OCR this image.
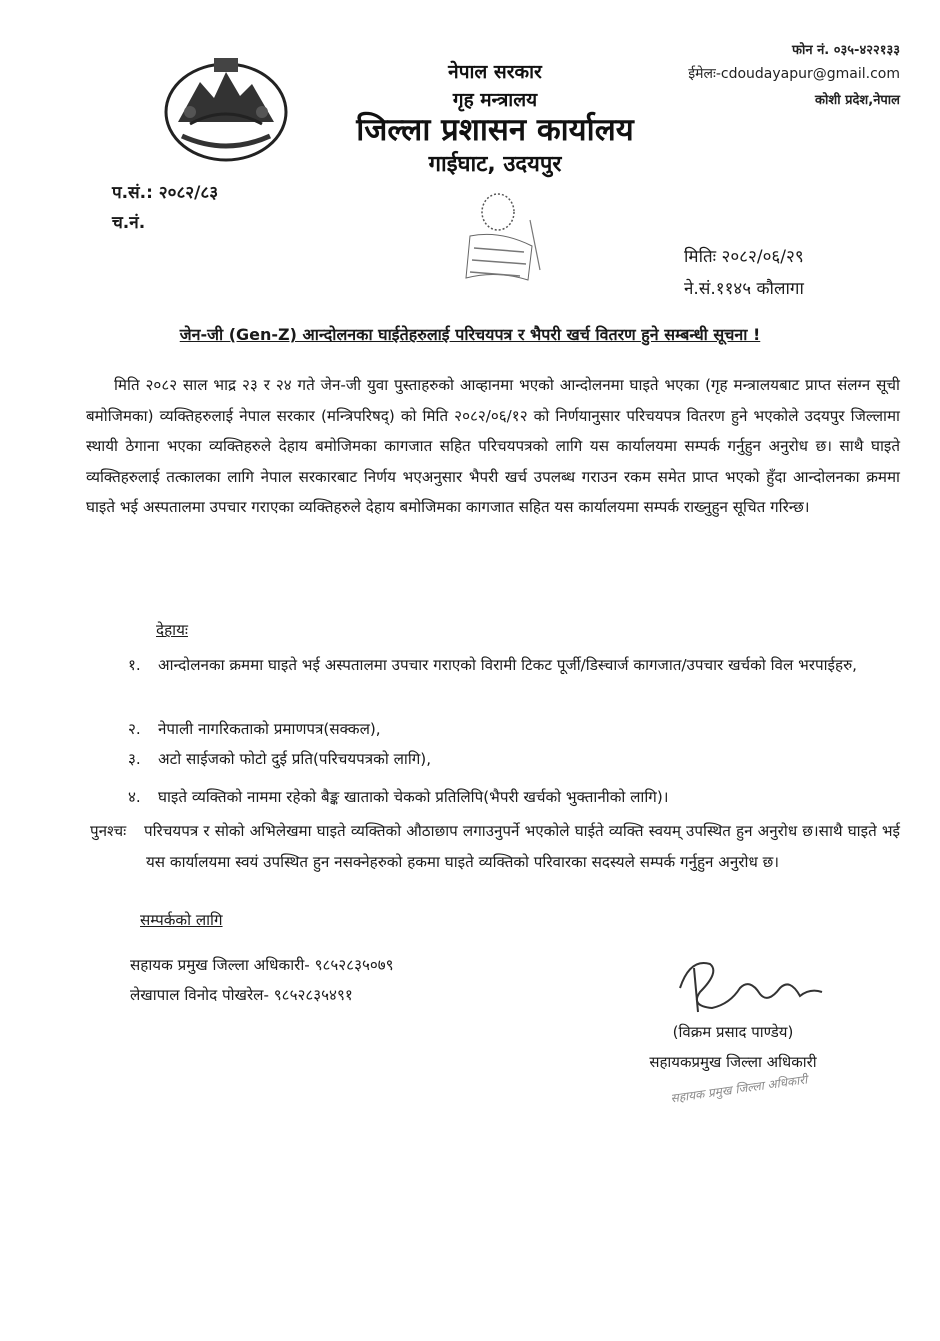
नेपाल सरकार
गृह मन्त्रालय
जिल्ला प्रशासन कार्यालय
गाईघाट, उदयपुर
फोन नं. ०३५-४२२१३३
ईमेलः-cdoudayapur@gmail.com
कोशी प्रदेश,नेपाल
प.सं.: २०८२/८३
च.नं.
मितिः २०८२/०६/२९
ने.सं.११४५ कौलागा
जेन-जी (Gen-Z) आन्दोलनका घाईतेहरुलाई परिचयपत्र र भैपरी खर्च वितरण हुने सम्बन्धी सूचना !
मिति २०८२ साल भाद्र २३ र २४ गते जेन-जी युवा पुस्ताहरुको आव्हानमा भएको आन्दोलनमा घाइते भएका (गृह मन्त्रालयबाट प्राप्त संलग्न सूची बमोजिमका) व्यक्तिहरुलाई नेपाल सरकार (मन्त्रिपरिषद्) को मिति २०८२/०६/१२ को निर्णयानुसार परिचयपत्र वितरण हुने भएकोले उदयपुर जिल्लामा स्थायी ठेगाना भएका व्यक्तिहरुले देहाय बमोजिमका कागजात सहित परिचयपत्रको लागि यस कार्यालयमा सम्पर्क गर्नुहुन अनुरोध छ। साथै घाइते व्यक्तिहरुलाई तत्कालका लागि नेपाल सरकारबाट निर्णय भएअनुसार भैपरी खर्च उपलब्ध गराउन रकम समेत प्राप्त भएको हुँदा आन्दोलनका क्रममा घाइते भई अस्पतालमा उपचार गराएका व्यक्तिहरुले देहाय बमोजिमका कागजात सहित यस कार्यालयमा सम्पर्क राख्नुहुन सूचित गरिन्छ।
देहायः
१.	आन्दोलनका क्रममा घाइते भई अस्पतालमा उपचार गराएको विरामी टिकट पूर्जी/डिस्चार्ज कागजात/उपचार खर्चको विल भरपाईहरु,
२.	नेपाली नागरिकताको प्रमाणपत्र(सक्कल),
३.	अटो साईजको फोटो दुई प्रति(परिचयपत्रको लागि),
४.	घाइते व्यक्तिको नाममा रहेको बैङ्क खाताको चेकको प्रतिलिपि(भैपरी खर्चको भुक्तानीको लागि)।
पुनश्चः परिचयपत्र र सोको अभिलेखमा घाइते व्यक्तिको औठाछाप लगाउनुपर्ने भएकोले घाईते व्यक्ति स्वयम् उपस्थित हुन अनुरोध छ।साथै घाइते भई यस कार्यालयमा स्वयं उपस्थित हुन नसक्नेहरुको हकमा घाइते व्यक्तिको परिवारका सदस्यले सम्पर्क गर्नुहुन अनुरोध छ।
सम्पर्कको लागि
सहायक प्रमुख जिल्ला अधिकारी- ९८५२८३५०७९
लेखापाल विनोद पोखरेल- ९८५२८३५४९१
(विक्रम प्रसाद पाण्डेय)
सहायकप्रमुख जिल्ला अधिकारी
सहायक प्रमुख जिल्ला अधिकारी
